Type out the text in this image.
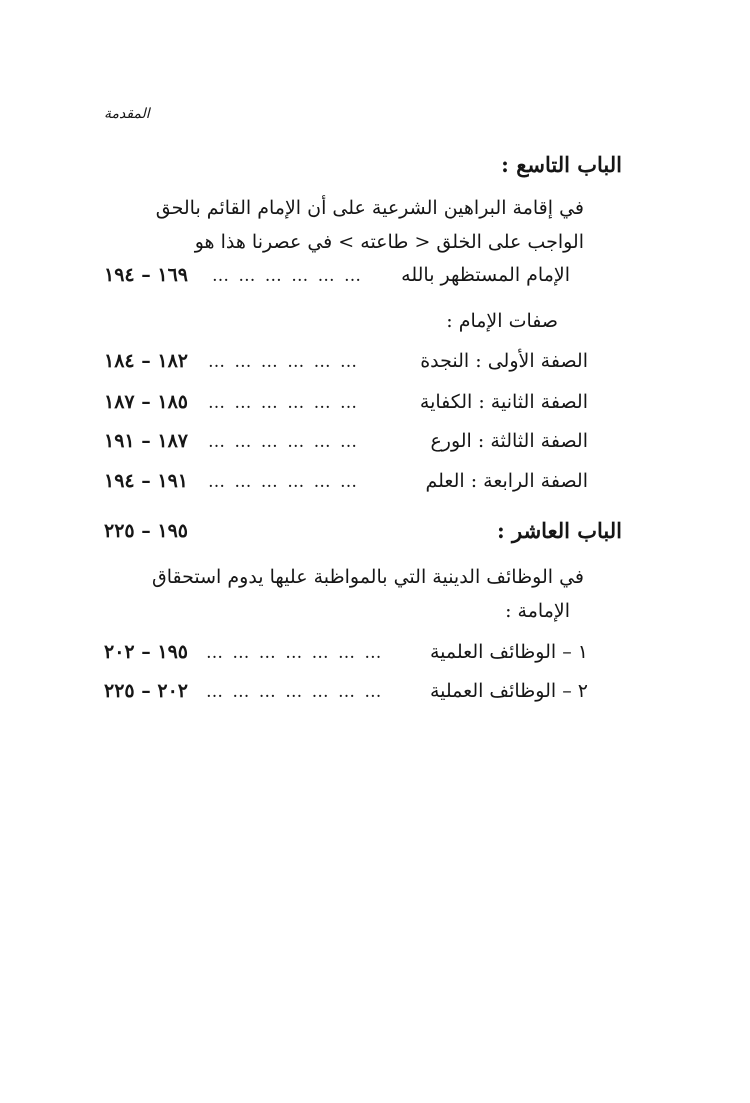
المقدمة
الباب التاسع :
في إقامة البراهين الشرعية على أن الإمام القائم بالحق
الواجب على الخلق < طاعته > في عصرنا هذا هو
الإمام المستظهر بالله
… … … … … …
١٦٩ – ١٩٤
صفات الإمام :
الصفة الأولى : النجدة
… … … … … …
١٨٢ – ١٨٤
الصفة الثانية : الكفاية
… … … … … …
١٨٥ – ١٨٧
الصفة الثالثة : الورع
… … … … … …
١٨٧ – ١٩١
الصفة الرابعة : العلم
… … … … … …
١٩١ – ١٩٤
الباب العاشر :
١٩٥ – ٢٢٥
في الوظائف الدينية التي بالمواظبة عليها يدوم استحقاق
الإمامة :
١ – الوظائف العلمية
… … … … … … …
١٩٥ – ٢٠٢
٢ – الوظائف العملية
… … … … … … …
٢٠٢ – ٢٢٥
